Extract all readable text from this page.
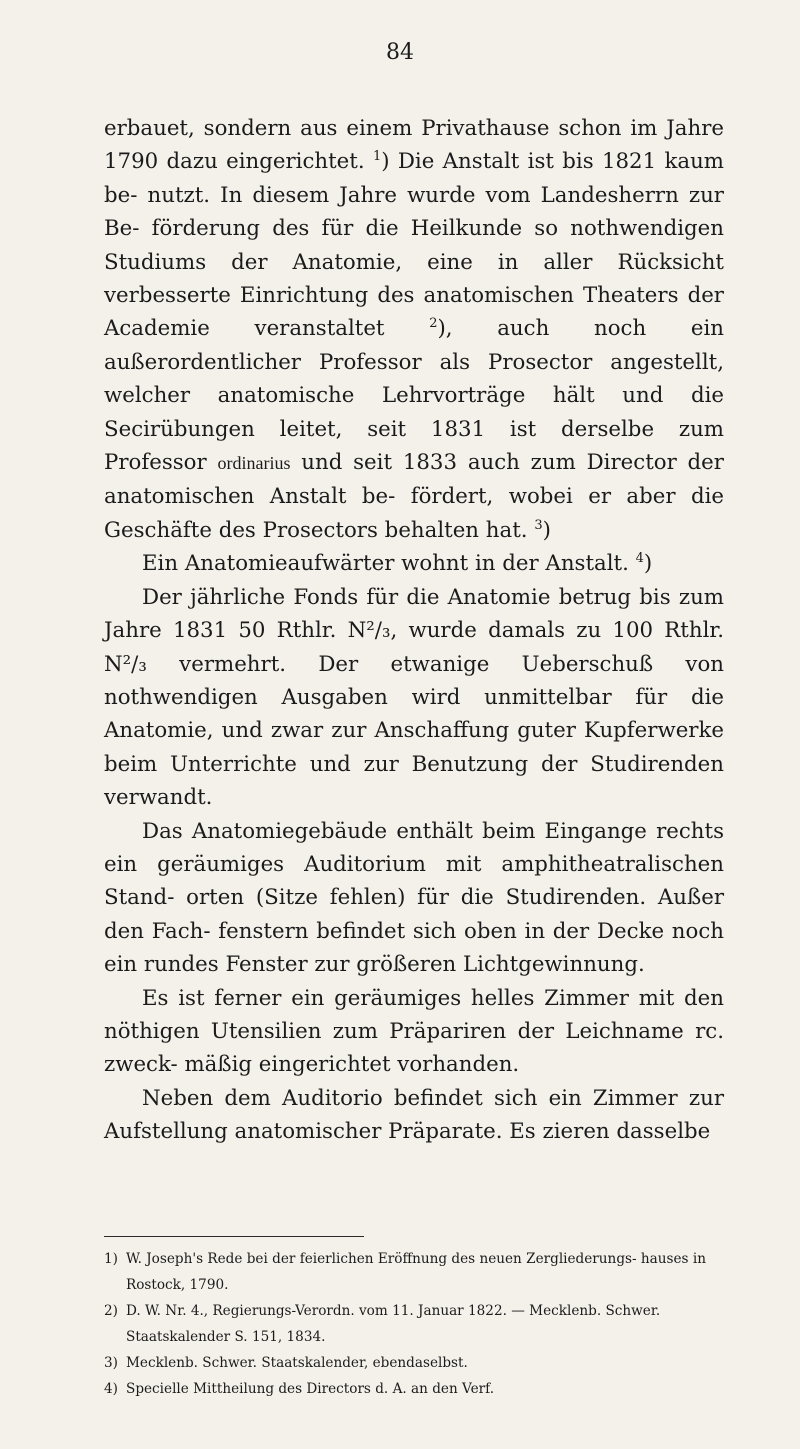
84

erbauet, sondern aus einem Privathause schon im Jahre 1790 dazu eingerichtet. $^1$) Die Anstalt ist bis 1821 kaum be- nutzt. In diesem Jahre wurde vom Landesherrn zur Be- förderung des für die Heilkunde so nothwendigen Studiums der Anatomie, eine in aller Rücksicht verbesserte Einrichtung des anatomischen Theaters der Academie veranstaltet	$^2$), auch noch ein außerordentlicher Professor als Prosector angestellt, welcher anatomische Lehrvorträge hält und die Secirübungen leitet, seit 1831 ist derselbe zum Professor ordinarius und seit 1833 auch zum Director der anatomischen Anstalt be- fördert, wobei er aber die Geschäfte des Prosectors behalten hat. $^3$)

Ein Anatomieaufwärter wohnt in der Anstalt. $^4$)

Der jährliche Fonds für die Anatomie betrug bis zum Jahre 1831 50 Rthlr. N²/₃, wurde damals zu 100 Rthlr. N²/₃ vermehrt. Der etwanige Ueberschuß von nothwendigen Ausgaben wird unmittelbar für die Anatomie, und zwar zur Anschaffung guter Kupferwerke beim Unterrichte und zur Benutzung der Studirenden verwandt.

Das Anatomiegebäude enthält beim Eingange rechts ein geräumiges Auditorium mit amphitheatralischen Stand- orten (Sitze fehlen) für die Studirenden. Außer den Fach- fenstern befindet sich oben in der Decke noch ein rundes Fenster zur größeren Lichtgewinnung.

Es ist ferner ein geräumiges helles Zimmer mit den nöthigen Utensilien zum Präpariren der Leichname rc. zweck- mäßig eingerichtet vorhanden.

Neben dem Auditorio befindet sich ein Zimmer zur Aufstellung anatomischer Präparate. Es zieren dasselbe

1) W. Joseph's Rede bei der feierlichen Eröffnung des neuen Zergliederungs- hauses in Rostock, 1790.
2) D. W. Nr. 4., Regierungs-Verordn. vom 11. Januar 1822. — Mecklenb. Schwer. Staatskalender S. 151, 1834.
3) Mecklenb. Schwer. Staatskalender, ebendaselbst.
4) Specielle Mittheilung des Directors d. A. an den Verf.
